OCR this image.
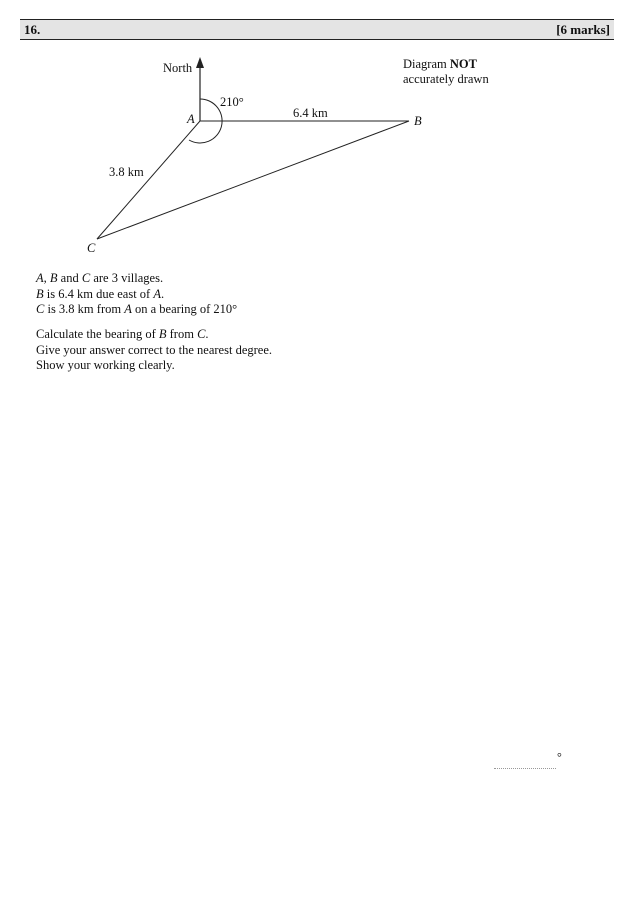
16.	[6 marks]
Diagram NOT
accurately drawn
North
210°
6.4 km
3.8 km
A	B
C

A, B and C are 3 villages.

B is 6.4 km due east of A.

C is 3.8 km from A on a bearing of 210°

Calculate the bearing of B from C.

Give your answer correct to the nearest degree.

Show your working clearly.

°
